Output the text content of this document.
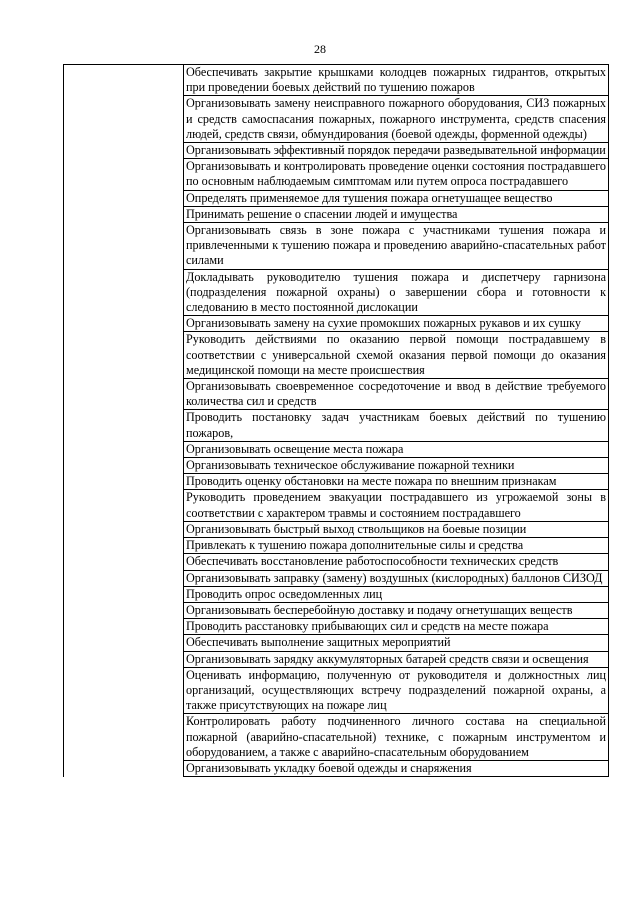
28
	Обеспечивать закрытие крышками колодцев пожарных гидрантов, открытых при проведении боевых действий по тушению пожаров
	Организовывать замену неисправного пожарного оборудования, СИЗ пожарных и средств самоспасания пожарных, пожарного инструмента, средств спасения людей, средств связи, обмундирования (боевой одежды, форменной одежды)
	Организовывать эффективный порядок передачи разведывательной информации
	Организовывать и контролировать проведение оценки состояния пострадавшего по основным наблюдаемым симптомам или путем опроса пострадавшего
	Определять применяемое для тушения пожара огнетушащее вещество
	Принимать решение о спасении людей и имущества
	Организовывать связь в зоне пожара с участниками тушения пожара и привлеченными к тушению пожара и проведению аварийно-спасательных работ силами
	Докладывать руководителю тушения пожара и диспетчеру гарнизона (подразделения пожарной охраны) о завершении сбора и готовности к следованию в место постоянной дислокации
	Организовывать замену на сухие промокших пожарных рукавов и их сушку
	Руководить действиями по оказанию первой помощи пострадавшему в соответствии с универсальной схемой оказания первой помощи до оказания медицинской помощи на месте происшествия
	Организовывать своевременное сосредоточение и ввод в действие требуемого количества сил и средств
	Проводить постановку задач участникам боевых действий по тушению пожаров,
	Организовывать освещение места пожара
	Организовывать техническое обслуживание пожарной техники
	Проводить оценку обстановки на месте пожара по внешним признакам
	Руководить проведением эвакуации пострадавшего из угрожаемой зоны в соответствии с характером травмы и состоянием пострадавшего
	Организовывать быстрый выход ствольщиков на боевые позиции
	Привлекать к тушению пожара дополнительные силы и средства
	Обеспечивать восстановление работоспособности технических средств
	Организовывать заправку (замену) воздушных (кислородных) баллонов СИЗОД
	Проводить опрос осведомленных лиц
	Организовывать бесперебойную доставку и подачу огнетушащих веществ
	Проводить расстановку прибывающих сил и средств на месте пожара
	Обеспечивать выполнение защитных мероприятий
	Организовывать зарядку аккумуляторных батарей средств связи и освещения
	Оценивать информацию, полученную от руководителя и должностных лиц организаций, осуществляющих встречу подразделений пожарной охраны, а также присутствующих на пожаре лиц
	Контролировать работу подчиненного личного состава на специальной пожарной (аварийно-спасательной) технике, с пожарным инструментом и оборудованием, а также с аварийно-спасательным оборудованием
	Организовывать укладку боевой одежды и снаряжения
